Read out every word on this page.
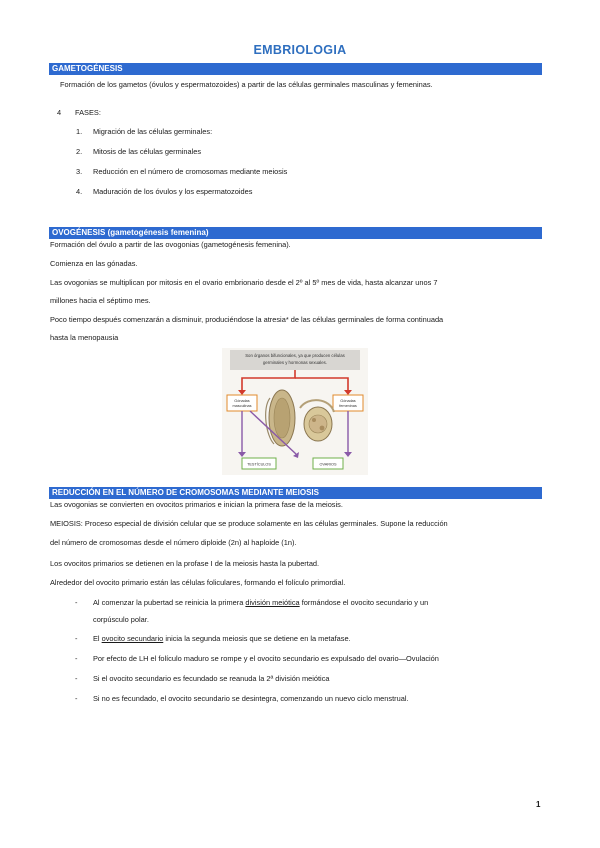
EMBRIOLOGIA
GAMETOGÉNESIS
Formación de los gametos (óvulos y espermatozoides) a partir de las células germinales masculinas y femeninas.
4 FASES:
1. Migración de las células germinales:
2. Mitosis de las células germinales
3. Reducción en el número de cromosomas mediante meiosis
4. Maduración de los óvulos y los espermatozoides
OVOGÉNESIS (gametogénesis femenina)
Formación del óvulo a partir de las ovogonias (gametogénesis femenina).
Comienza en las gónadas.
Las ovogonias se multiplican por mitosis en el ovario embrionario desde el 2º al 5º mes de vida, hasta alcanzar unos 7
millones hacia el séptimo mes.
Poco tiempo después comenzarán a disminuir, produciéndose la atresia* de las células germinales de forma continuada
hasta la menopausia
Son órganos bifuncionales, ya que producen células
germinales y hormonas sexuales.
Gónadas
masculinas
Gónadas
femeninas
TESTÍCULOS	OVARIOS
REDUCCIÓN EN EL NÚMERO DE CROMOSOMAS MEDIANTE MEIOSIS
Las ovogonias se convierten en ovocitos primarios e inician la primera fase de la meiosis.
MEIOSIS: Proceso especial de división celular que se produce solamente en las células germinales. Supone la reducción
del número de cromosomas desde el número diploide (2n) al haploide (1n).
Los ovocitos primarios se detienen en la profase I de la meiosis hasta la pubertad.
Alrededor del ovocito primario están las células foliculares, formando el folículo primordial.
- Al comenzar la pubertad se reinicia la primera división meiótica formándose el ovocito secundario y un
corpúsculo polar.
- El ovocito secundario inicia la segunda meiosis que se detiene en la metafase.
- Por efecto de LH el folículo maduro se rompe y el ovocito secundario es expulsado del ovario—Ovulación
- Si el ovocito secundario es fecundado se reanuda la 2ª división meiótica
- Si no es fecundado, el ovocito secundario se desintegra, comenzando un nuevo ciclo menstrual.
1
